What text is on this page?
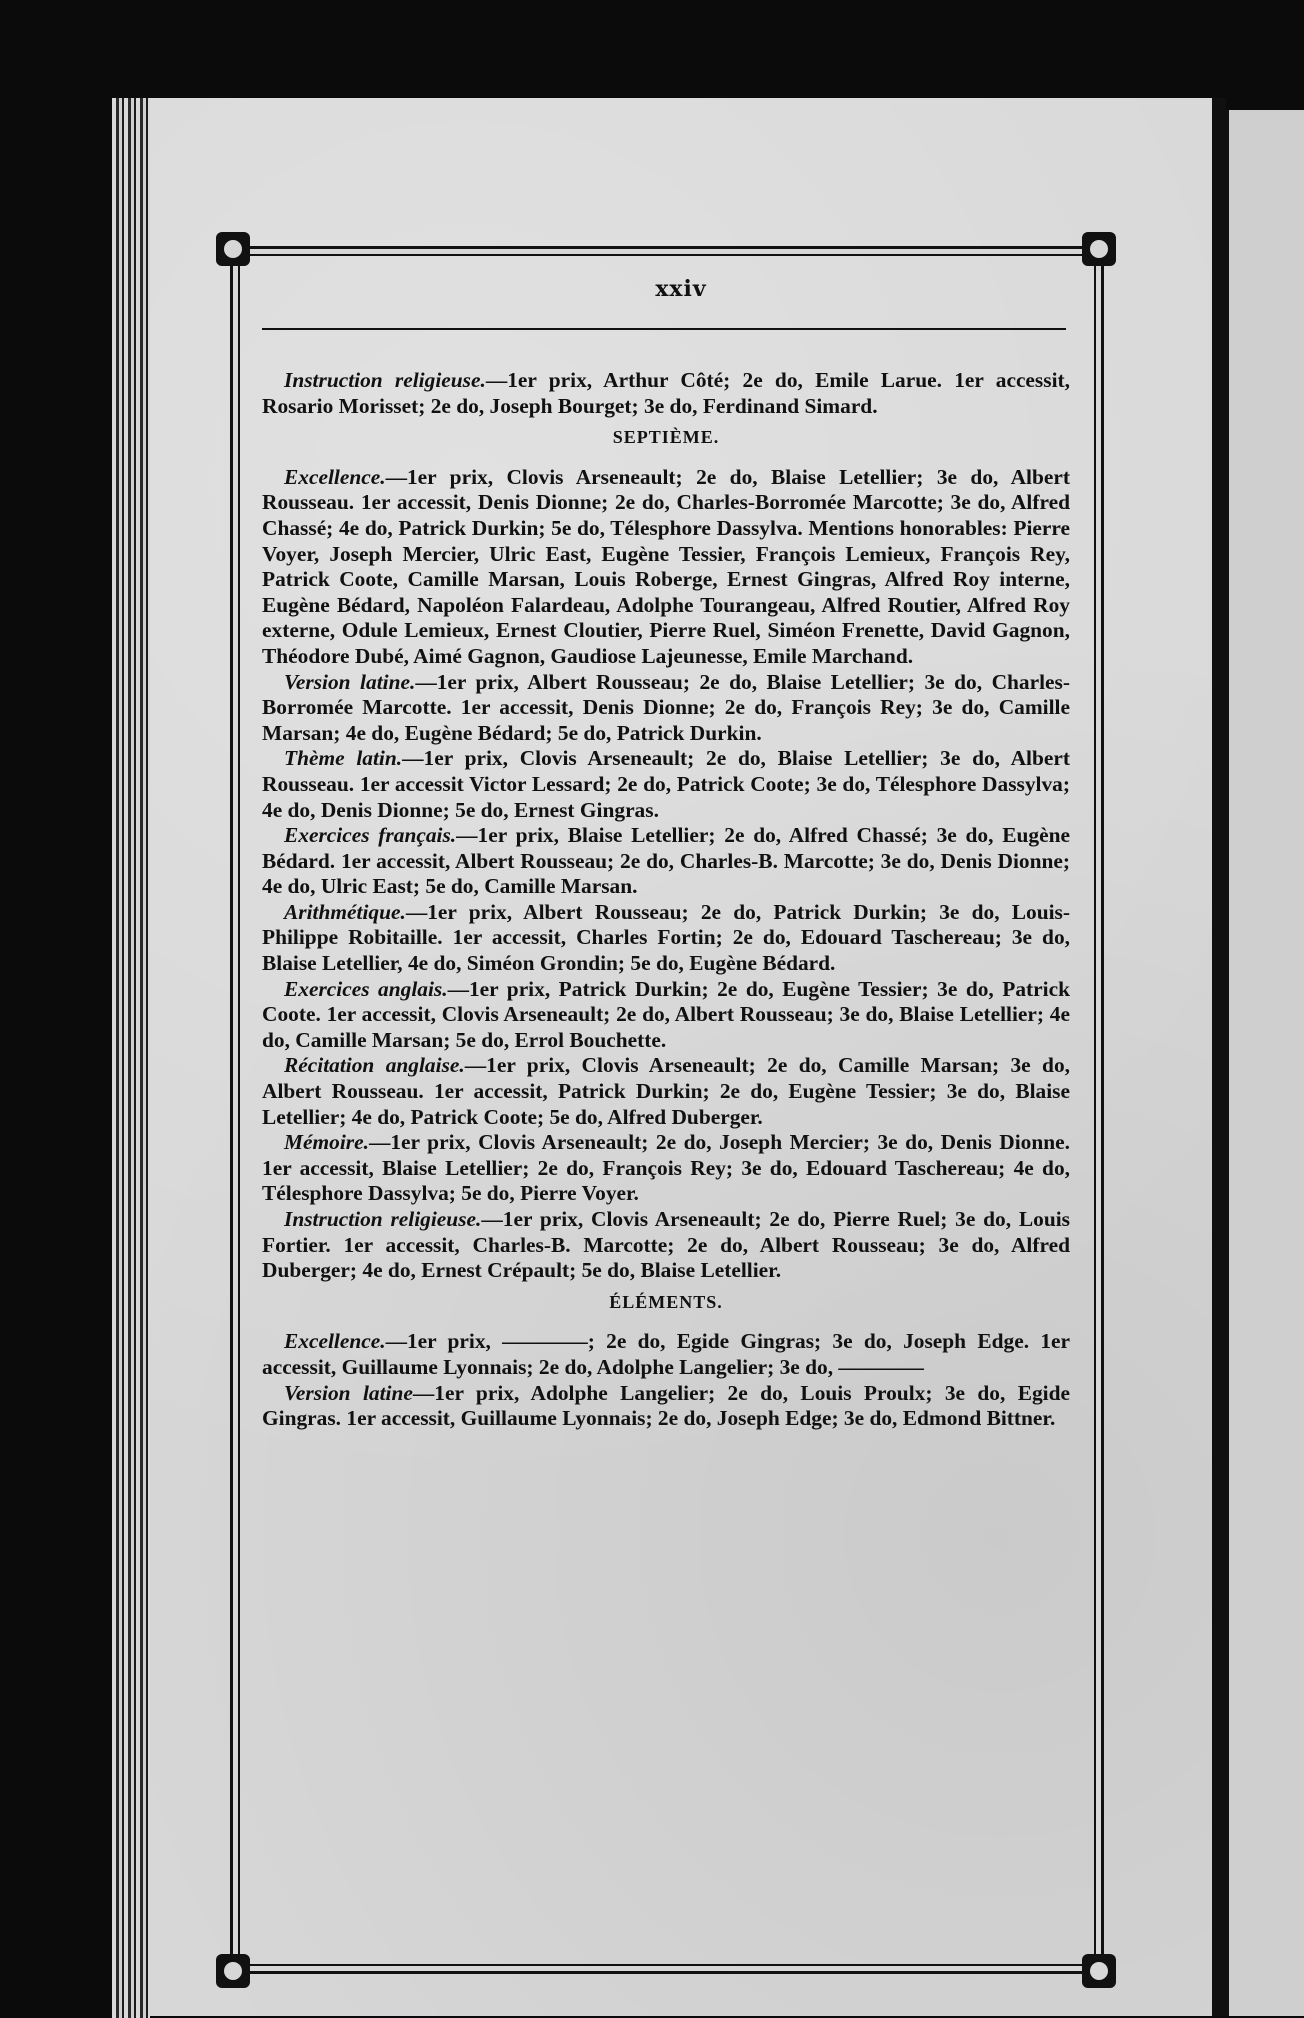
xxiv

Instruction religieuse.—1er prix, Arthur Côté; 2e do, Emile Larue. 1er accessit, Rosario Morisset; 2e do, Joseph Bourget; 3e do, Ferdinand Simard.

SEPTIÈME.

Excellence.—1er prix, Clovis Arseneault; 2e do, Blaise Letellier; 3e do, Albert Rousseau. 1er accessit, Denis Dionne; 2e do, Charles-Borromée Marcotte; 3e do, Alfred Chassé; 4e do, Patrick Durkin; 5e do, Télesphore Dassylva. Mentions honorables: Pierre Voyer, Joseph Mercier, Ulric East, Eugène Tessier, François Lemieux, François Rey, Patrick Coote, Camille Marsan, Louis Roberge, Ernest Gingras, Alfred Roy interne, Eugène Bédard, Napoléon Falardeau, Adolphe Tourangeau, Alfred Routier, Alfred Roy externe, Odule Lemieux, Ernest Cloutier, Pierre Ruel, Siméon Frenette, David Gagnon, Théodore Dubé, Aimé Gagnon, Gaudiose Lajeunesse, Emile Marchand.

Version latine.—1er prix, Albert Rousseau; 2e do, Blaise Letellier; 3e do, Charles-Borromée Marcotte. 1er accessit, Denis Dionne; 2e do, François Rey; 3e do, Camille Marsan; 4e do, Eugène Bédard; 5e do, Patrick Durkin.

Thème latin.—1er prix, Clovis Arseneault; 2e do, Blaise Letellier; 3e do, Albert Rousseau. 1er accessit Victor Lessard; 2e do, Patrick Coote; 3e do, Télesphore Dassylva; 4e do, Denis Dionne; 5e do, Ernest Gingras.

Exercices français.—1er prix, Blaise Letellier; 2e do, Alfred Chassé; 3e do, Eugène Bédard. 1er accessit, Albert Rousseau; 2e do, Charles-B. Marcotte; 3e do, Denis Dionne; 4e do, Ulric East; 5e do, Camille Marsan.

Arithmétique.—1er prix, Albert Rousseau; 2e do, Patrick Durkin; 3e do, Louis-Philippe Robitaille. 1er accessit, Charles Fortin; 2e do, Edouard Taschereau; 3e do, Blaise Letellier, 4e do, Siméon Grondin; 5e do, Eugène Bédard.

Exercices anglais.—1er prix, Patrick Durkin; 2e do, Eugène Tessier; 3e do, Patrick Coote. 1er accessit, Clovis Arseneault; 2e do, Albert Rousseau; 3e do, Blaise Letellier; 4e do, Camille Marsan; 5e do, Errol Bouchette.

Récitation anglaise.—1er prix, Clovis Arseneault; 2e do, Camille Marsan; 3e do, Albert Rousseau. 1er accessit, Patrick Durkin; 2e do, Eugène Tessier; 3e do, Blaise Letellier; 4e do, Patrick Coote; 5e do, Alfred Duberger.

Mémoire.—1er prix, Clovis Arseneault; 2e do, Joseph Mercier; 3e do, Denis Dionne. 1er accessit, Blaise Letellier; 2e do, François Rey; 3e do, Edouard Taschereau; 4e do, Télesphore Dassylva; 5e do, Pierre Voyer.

Instruction religieuse.—1er prix, Clovis Arseneault; 2e do, Pierre Ruel; 3e do, Louis Fortier. 1er accessit, Charles-B. Marcotte; 2e do, Albert Rousseau; 3e do, Alfred Duberger; 4e do, Ernest Crépault; 5e do, Blaise Letellier.

ÉLÉMENTS.

Excellence.—1er prix, ————; 2e do, Egide Gingras; 3e do, Joseph Edge. 1er accessit, Guillaume Lyonnais; 2e do, Adolphe Langelier; 3e do, ————

Version latine—1er prix, Adolphe Langelier; 2e do, Louis Proulx; 3e do, Egide Gingras. 1er accessit, Guillaume Lyonnais; 2e do, Joseph Edge; 3e do, Edmond Bittner.
